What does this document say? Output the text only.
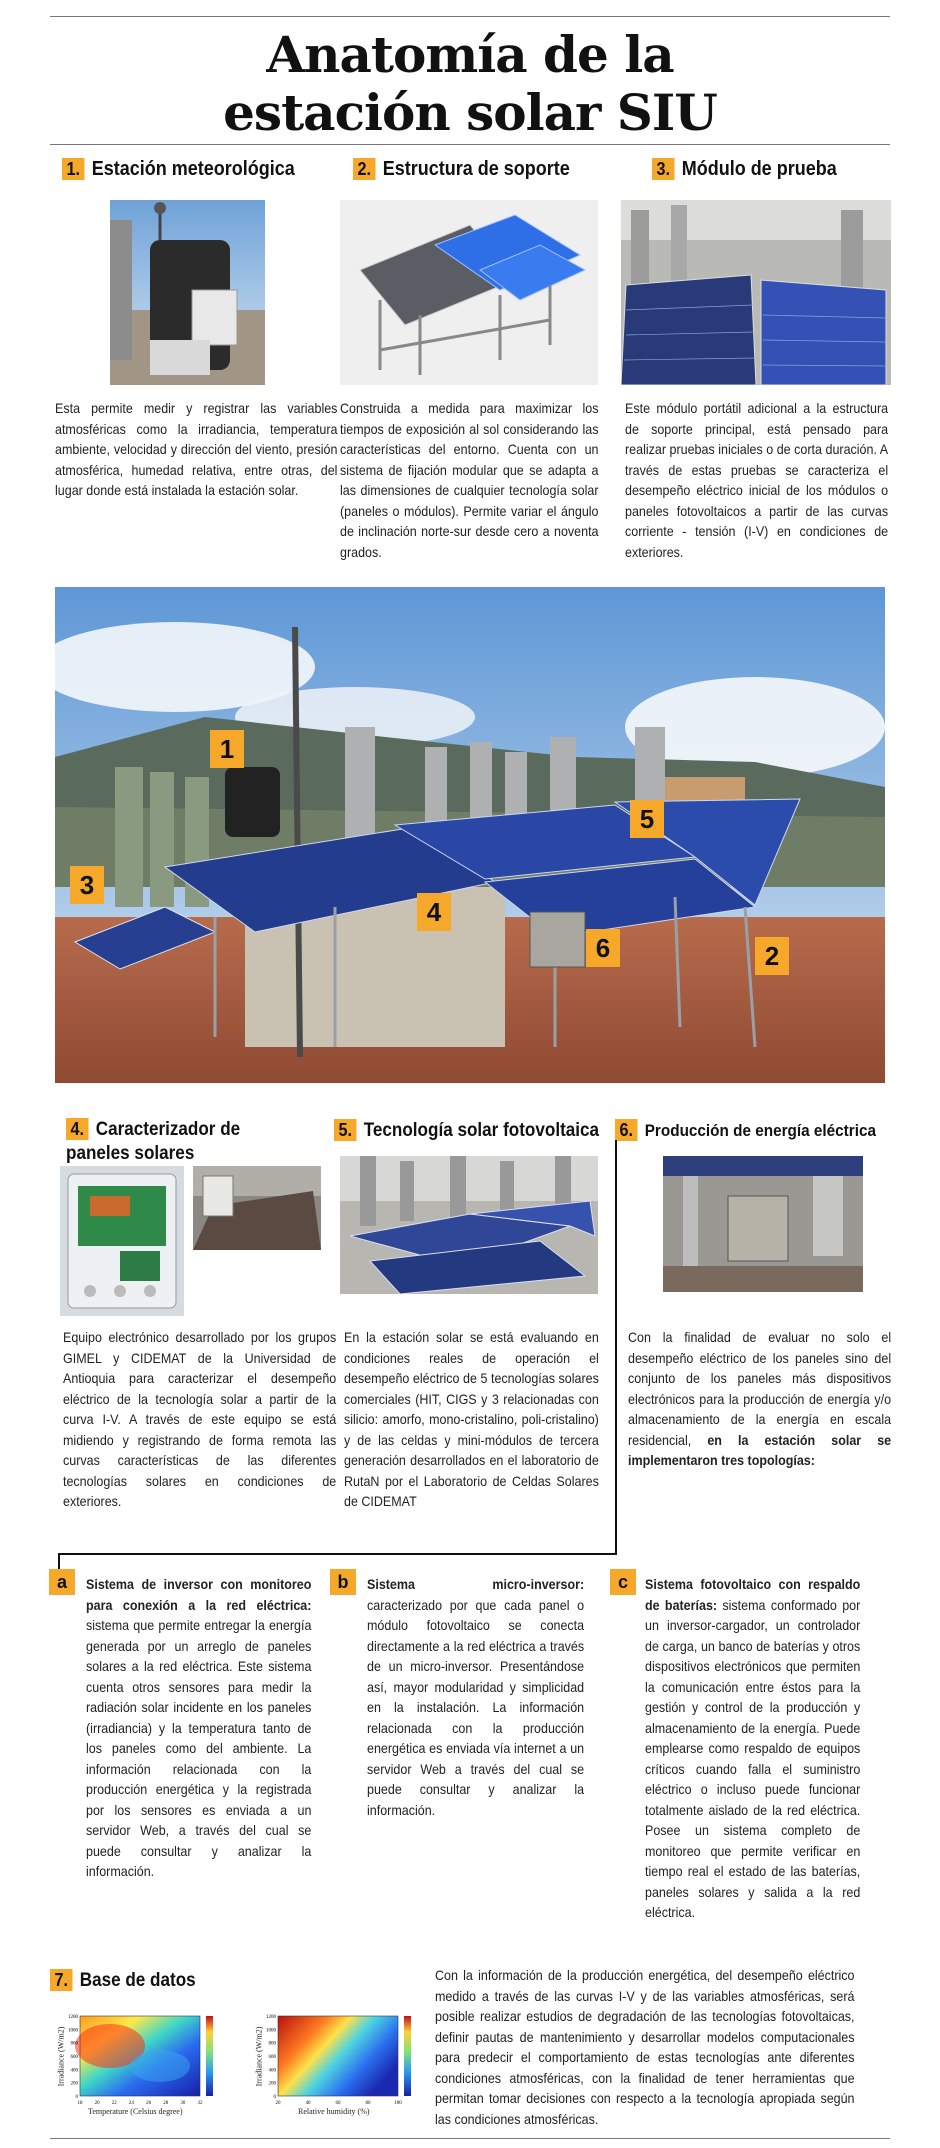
Anatomía de la
estación solar SIU
1. Estación meteorológica	2. Estructura de soporte	3. Módulo de prueba
Esta permite medir y registrar las variables atmosféricas como la irradiancia, temperatura ambiente, velocidad y dirección del viento, presión atmosférica, humedad relativa, entre otras, del lugar donde está instalada la estación solar.
Construida a medida para maximizar los tiempos de exposición al sol considerando las características del entorno. Cuenta con un sistema de fijación modular que se adapta a las dimensiones de cualquier tecnología solar (paneles o módulos). Permite variar el ángulo de inclinación norte-sur desde cero a noventa grados.
Este módulo portátil adicional a la estructura de soporte principal, está pensado para realizar pruebas iniciales o de corta duración. A través de estas pruebas se caracteriza el desempeño eléctrico inicial de los módulos o paneles fotovoltaicos a partir de las curvas corriente - tensión (I-V) en condiciones de exteriores.
1
2
3
4
5
6
4. Caracterizador de paneles solares
5. Tecnología solar fotovoltaica 6. Producción de energía eléctrica
Equipo electrónico desarrollado por los grupos GIMEL y CIDEMAT de la Universidad de Antioquia para caracterizar el desempeño eléctrico de la tecnología solar a partir de la curva I-V. A través de este equipo se está midiendo y registrando de forma remota las curvas características de las diferentes tecnologías solares en condiciones de exteriores.
En la estación solar se está evaluando en condiciones reales de operación el desempeño eléctrico de 5 tecnologías solares comerciales (HIT, CIGS y 3 relacionadas con silicio: amorfo, mono-cristalino, poli-cristalino) y de las celdas y mini-módulos de tercera generación desarrollados en el laboratorio de RutaN por el Laboratorio de Celdas Solares de CIDEMAT
Con la finalidad de evaluar no solo el desempeño eléctrico de los paneles sino del conjunto de los paneles más dispositivos electrónicos para la producción de energía y/o almacenamiento de la energía en escala residencial, en la estación solar se implementaron tres topologías:
a	Sistema de inversor con monitoreo para conexión a la red eléctrica: sistema que permite entregar la energía generada por un arreglo de paneles solares a la red eléctrica. Este sistema cuenta otros sensores para medir la radiación solar incidente en los paneles (irradiancia) y la temperatura tanto de los paneles como del ambiente. La información relacionada con la producción energética y la registrada por los sensores es enviada a un servidor Web, a través del cual se puede consultar y analizar la información.
b	Sistema micro-inversor: caracterizado por que cada panel o módulo fotovoltaico se conecta directamente a la red eléctrica a través de un micro-inversor. Presentándose así, mayor modularidad y simplicidad en la instalación. La información relacionada con la producción energética es enviada vía internet a un servidor Web a través del cual se puede consultar y analizar la información.
c	Sistema fotovoltaico con respaldo de baterías: sistema conformado por un inversor-cargador, un controlador de carga, un banco de baterías y otros dispositivos electrónicos que permiten la comunicación entre éstos para la gestión y control de la producción y almacenamiento de la energía. Puede emplearse como respaldo de equipos críticos cuando falla el suministro eléctrico o incluso puede funcionar totalmente aislado de la red eléctrica. Posee un sistema completo de monitoreo que permite verificar en tiempo real el estado de las baterías, paneles solares y salida a la red eléctrica.
7. Base de datos
18 20 22 24 26 28 30 32
1200
1000
800
600
400
200
0
Temperature (Celsius degree)
Irradiance (W/m2)
20	40	60	80	100
1200
1000
800
600
400
200
0
Relative humidity (%)
Irradiance (W/m2)
Con la información de la producción energética, del desempeño eléctrico medido a través de las curvas I-V y de las variables atmosféricas, será posible realizar estudios de degradación de las tecnologías fotovoltaicas, definir pautas de mantenimiento y desarrollar modelos computacionales para predecir el comportamiento de estas tecnologías ante diferentes condiciones atmosféricas, con la finalidad de tener herramientas que permitan tomar decisiones con respecto a la tecnología apropiada según las condiciones atmosféricas.
